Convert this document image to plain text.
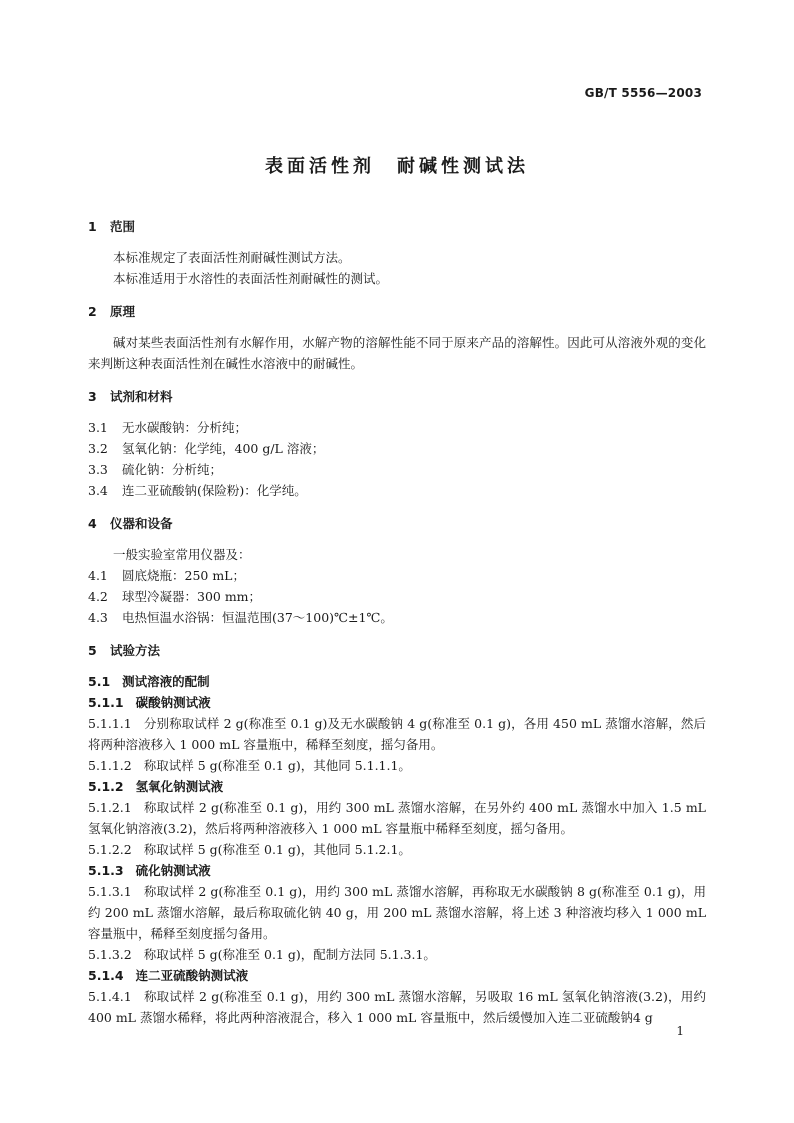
GB/T 5556—2003
表面活性剂　耐碱性测试法
1 范围
本标准规定了表面活性剂耐碱性测试方法。
本标准适用于水溶性的表面活性剂耐碱性的测试。
2 原理
碱对某些表面活性剂有水解作用，水解产物的溶解性能不同于原来产品的溶解性。因此可从溶液外观的变化来判断这种表面活性剂在碱性水溶液中的耐碱性。
3 试剂和材料
3.1 无水碳酸钠：分析纯；
3.2 氢氧化钠：化学纯，400 g/L 溶液；
3.3 硫化钠：分析纯；
3.4 连二亚硫酸钠(保险粉)：化学纯。
4 仪器和设备
一般实验室常用仪器及：
4.1 圆底烧瓶：250 mL；
4.2 球型冷凝器：300 mm；
4.3 电热恒温水浴锅：恒温范围(37～100)℃±1℃。
5 试验方法
5.1 测试溶液的配制
5.1.1 碳酸钠测试液
5.1.1.1 分别称取试样 2 g(称准至 0.1 g)及无水碳酸钠 4 g(称准至 0.1 g)，各用 450 mL 蒸馏水溶解，然后将两种溶液移入 1 000 mL 容量瓶中，稀释至刻度，摇匀备用。
5.1.1.2 称取试样 5 g(称准至 0.1 g)，其他同 5.1.1.1。
5.1.2 氢氧化钠测试液
5.1.2.1 称取试样 2 g(称准至 0.1 g)，用约 300 mL 蒸馏水溶解，在另外约 400 mL 蒸馏水中加入 1.5 mL氢氧化钠溶液(3.2)，然后将两种溶液移入 1 000 mL 容量瓶中稀释至刻度，摇匀备用。
5.1.2.2 称取试样 5 g(称准至 0.1 g)，其他同 5.1.2.1。
5.1.3 硫化钠测试液
5.1.3.1 称取试样 2 g(称准至 0.1 g)，用约 300 mL 蒸馏水溶解，再称取无水碳酸钠 8 g(称准至 0.1 g)，用约 200 mL 蒸馏水溶解，最后称取硫化钠 40 g，用 200 mL 蒸馏水溶解，将上述 3 种溶液均移入 1 000 mL 容量瓶中，稀释至刻度摇匀备用。
5.1.3.2 称取试样 5 g(称准至 0.1 g)，配制方法同 5.1.3.1。
5.1.4 连二亚硫酸钠测试液
5.1.4.1 称取试样 2 g(称准至 0.1 g)，用约 300 mL 蒸馏水溶解，另吸取 16 mL 氢氧化钠溶液(3.2)，用约 400 mL 蒸馏水稀释，将此两种溶液混合，移入 1 000 mL 容量瓶中，然后缓慢加入连二亚硫酸钠4 g
1
